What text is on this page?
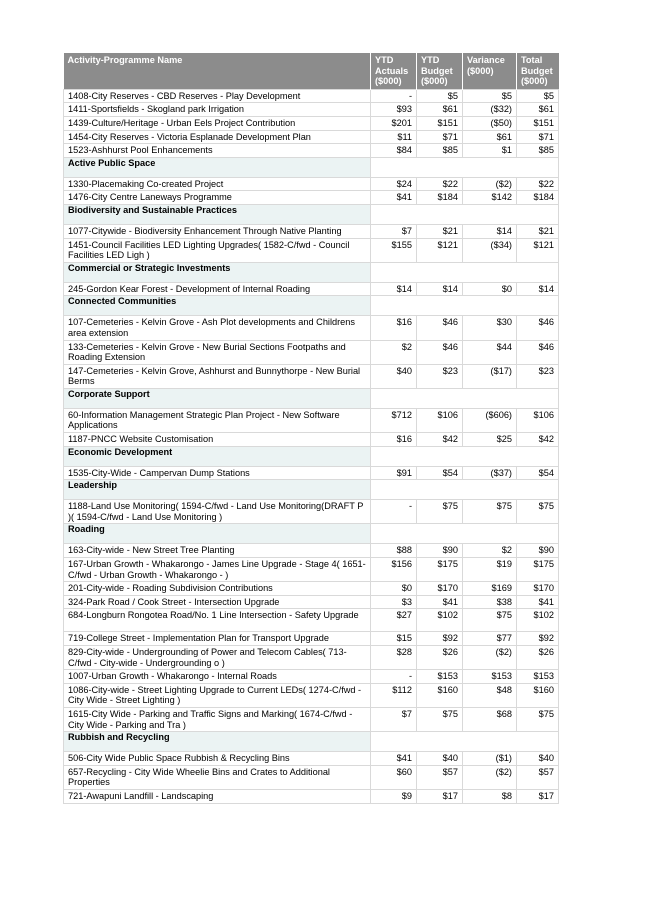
Activity-Programme Name	YTD Actuals ($000)	YTD Budget ($000)	Variance ($000)	Total Budget ($000)
1408-City Reserves - CBD Reserves - Play Development	-	$5	$5	$5
1411-Sportsfields - Skogland park Irrigation	$93	$61	($32)	$61
1439-Culture/Heritage - Urban Eels Project Contribution	$201	$151	($50)	$151
1454-City Reserves - Victoria Esplanade Development Plan	$11	$71	$61	$71
1523-Ashhurst Pool Enhancements	$84	$85	$1	$85
Active Public Space				
1330-Placemaking Co-created Project	$24	$22	($2)	$22
1476-City Centre Laneways Programme	$41	$184	$142	$184
Biodiversity and Sustainable Practices				
1077-Citywide - Biodiversity Enhancement Through Native Planting	$7	$21	$14	$21
1451-Council Facilities LED Lighting Upgrades( 1582-C/fwd - Council Facilities LED Ligh )	$155	$121	($34)	$121
Commercial or Strategic Investments				
245-Gordon Kear Forest - Development of Internal Roading	$14	$14	$0	$14
Connected Communities				
107-Cemeteries - Kelvin Grove - Ash Plot developments and Childrens area extension	$16	$46	$30	$46
133-Cemeteries - Kelvin Grove - New Burial Sections Footpaths and Roading Extension	$2	$46	$44	$46
147-Cemeteries - Kelvin Grove, Ashhurst and Bunnythorpe - New Burial Berms	$40	$23	($17)	$23
Corporate Support				
60-Information Management Strategic Plan Project - New Software Applications	$712	$106	($606)	$106
1187-PNCC Website Customisation	$16	$42	$25	$42
Economic Development				
1535-City-Wide - Campervan Dump Stations	$91	$54	($37)	$54
Leadership				
1188-Land Use Monitoring( 1594-C/fwd - Land Use Monitoring(DRAFT P )( 1594-C/fwd - Land Use Monitoring )	-	$75	$75	$75
Roading				
163-City-wide - New Street Tree Planting	$88	$90	$2	$90
167-Urban Growth - Whakarongo - James Line Upgrade - Stage 4( 1651-C/fwd - Urban Growth - Whakarongo - )	$156	$175	$19	$175
201-City-wide - Roading Subdivision Contributions	$0	$170	$169	$170
324-Park Road / Cook Street - Intersection Upgrade	$3	$41	$38	$41
684-Longburn Rongotea Road/No. 1 Line Intersection - Safety Upgrade	$27	$102	$75	$102
719-College Street - Implementation Plan for Transport Upgrade	$15	$92	$77	$92
829-City-wide - Undergrounding of Power and Telecom Cables( 713-C/fwd - City-wide - Undergrounding o )	$28	$26	($2)	$26
1007-Urban Growth - Whakarongo - Internal Roads	-	$153	$153	$153
1086-City-wide - Street Lighting Upgrade to Current LEDs( 1274-C/fwd - City Wide - Street Lighting )	$112	$160	$48	$160
1615-City Wide - Parking and Traffic Signs and Marking( 1674-C/fwd - City Wide - Parking and Tra )	$7	$75	$68	$75
Rubbish and Recycling				
506-City Wide Public Space Rubbish & Recycling Bins	$41	$40	($1)	$40
657-Recycling - City Wide Wheelie Bins and Crates to Additional Properties	$60	$57	($2)	$57
721-Awapuni Landfill - Landscaping	$9	$17	$8	$17
